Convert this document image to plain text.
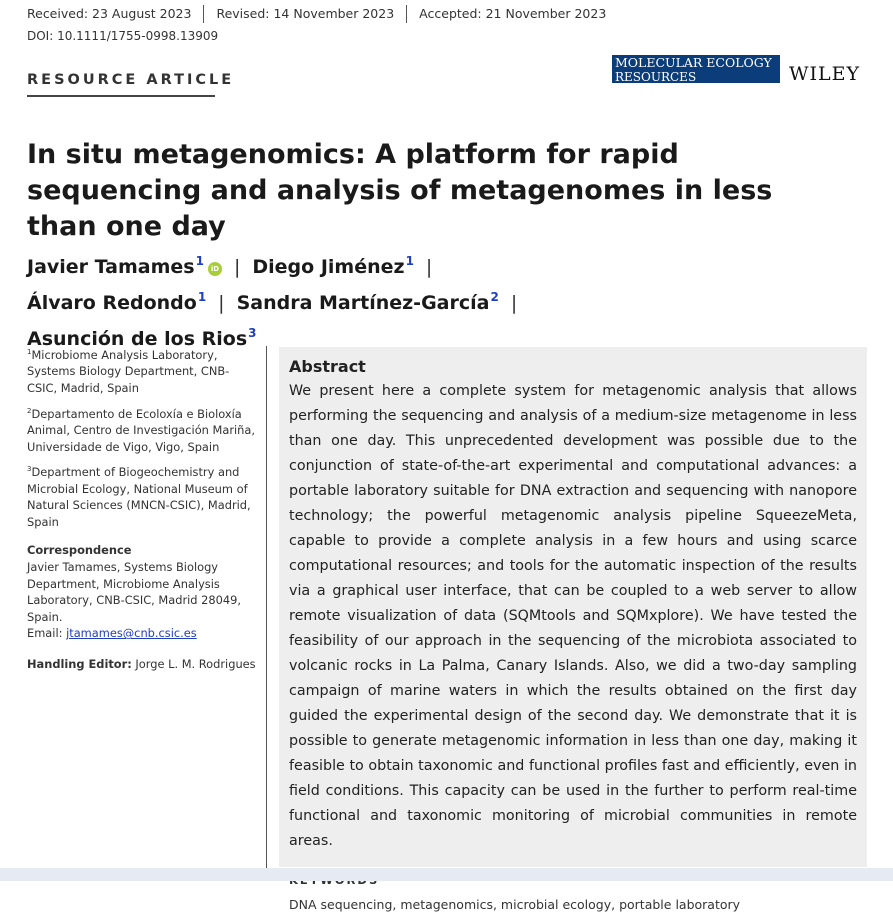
Received: 23 August 2023	Revised: 14 November 2023	Accepted: 21 November 2023
DOI: 10.1111/1755-0998.13909
RESOURCE ARTICLE
MOLECULAR ECOLOGY
RESOURCES	WILEY
In situ metagenomics: A platform for rapid sequencing and analysis of metagenomes in less than one day
Javier Tamames$^1$iD | Diego Jiménez$^1$ |Álvaro Redondo$^1$ | Sandra Martínez-García$^2$ |
Asunción de los Rios$^3$
$^1$Microbiome Analysis Laboratory, Systems Biology Department, CNB-CSIC, Madrid, Spain
$^2$Departamento de Ecoloxía e Bioloxía Animal, Centro de Investigación Mariña, Universidade de Vigo, Vigo, Spain
$^3$Department of Biogeochemistry and Microbial Ecology, National Museum of Natural Sciences (MNCN-CSIC), Madrid, Spain
Correspondence
Javier Tamames, Systems Biology Department, Microbiome Analysis Laboratory, CNB-CSIC, Madrid 28049, Spain.
Email: jtamames@cnb.csic.es
Handling Editor: Jorge L. M. Rodrigues
Abstract
We present here a complete system for metagenomic analysis that allows performing the sequencing and analysis of a medium-size metagenome in less than one day. This unprecedented development was possible due to the conjunction of state-of-the-art experimental and computational advances: a portable laboratory suitable for DNA extraction and sequencing with nanopore technology; the powerful metagenomic analysis pipeline SqueezeMeta, capable to provide a complete analysis in a few hours and using scarce computational resources; and tools for the automatic inspection of the results via a graphical user interface, that can be coupled to a web server to allow remote visualization of data (SQMtools and SQMxplore). We have tested the feasibility of our approach in the sequencing of the microbiota associated to volcanic rocks in La Palma, Canary Islands. Also, we did a two-day sampling campaign of marine waters in which the results obtained on the first day guided the experimental design of the second day. We demonstrate that it is possible to generate metagenomic information in less than one day, making it feasible to obtain taxonomic and functional profiles fast and efficiently, even in field conditions. This capacity can be used in the further to perform real-time functional and taxonomic monitoring of microbial communities in remote areas.
DNA sequencing, metagenomics, microbial ecology, portable laboratory
